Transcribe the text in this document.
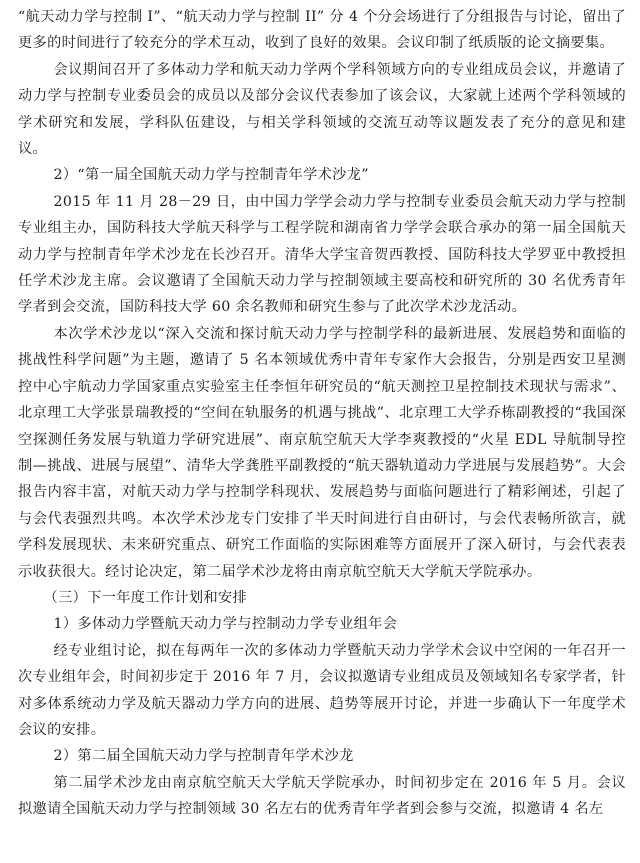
“航天动力学与控制 I”、“航天动力学与控制 II” 分 4 个分会场进行了分组报告与讨论，留出了更多的时间进行了较充分的学术互动，收到了良好的效果。会议印制了纸质版的论文摘要集。

会议期间召开了多体动力学和航天动力学两个学科领域方向的专业组成员会议，并邀请了动力学与控制专业委员会的成员以及部分会议代表参加了该会议，大家就上述两个学科领域的学术研究和发展，学科队伍建设，与相关学科领域的交流互动等议题发表了充分的意见和建议。

2）“第一届全国航天动力学与控制青年学术沙龙”

2015 年 11 月 28－29 日，由中国力学学会动力学与控制专业委员会航天动力学与控制专业组主办，国防科技大学航天科学与工程学院和湖南省力学学会联合承办的第一届全国航天动力学与控制青年学术沙龙在长沙召开。清华大学宝音贺西教授、国防科技大学罗亚中教授担任学术沙龙主席。会议邀请了全国航天动力学与控制领域主要高校和研究所的 30 名优秀青年学者到会交流，国防科技大学 60 余名教师和研究生参与了此次学术沙龙活动。

本次学术沙龙以“深入交流和探讨航天动力学与控制学科的最新进展、发展趋势和面临的挑战性科学问题”为主题，邀请了 5 名本领域优秀中青年专家作大会报告，分别是西安卫星测控中心宇航动力学国家重点实验室主任李恒年研究员的“航天测控卫星控制技术现状与需求”、北京理工大学张景瑞教授的“空间在轨服务的机遇与挑战”、北京理工大学乔栋副教授的“我国深空探测任务发展与轨道力学研究进展”、南京航空航天大学李爽教授的“火星 EDL 导航制导控制—挑战、进展与展望”、清华大学龚胜平副教授的“航天器轨道动力学进展与发展趋势”。大会报告内容丰富，对航天动力学与控制学科现状、发展趋势与面临问题进行了精彩阐述，引起了与会代表强烈共鸣。本次学术沙龙专门安排了半天时间进行自由研讨，与会代表畅所欲言，就学科发展现状、未来研究重点、研究工作面临的实际困难等方面展开了深入研讨，与会代表表示收获很大。经讨论决定，第二届学术沙龙将由南京航空航天大学航天学院承办。

（三）下一年度工作计划和安排

1）多体动力学暨航天动力学与控制动力学专业组年会

经专业组讨论，拟在每两年一次的多体动力学暨航天动力学学术会议中空闲的一年召开一次专业组年会，时间初步定于 2016 年 7 月，会议拟邀请专业组成员及领域知名专家学者，针对多体系统动力学及航天器动力学方向的进展、趋势等展开讨论，并进一步确认下一年度学术会议的安排。

2）第二届全国航天动力学与控制青年学术沙龙

第二届学术沙龙由南京航空航天大学航天学院承办，时间初步定在 2016 年 5 月。会议拟邀请全国航天动力学与控制领域 30 名左右的优秀青年学者到会参与交流，拟邀请 4 名左
